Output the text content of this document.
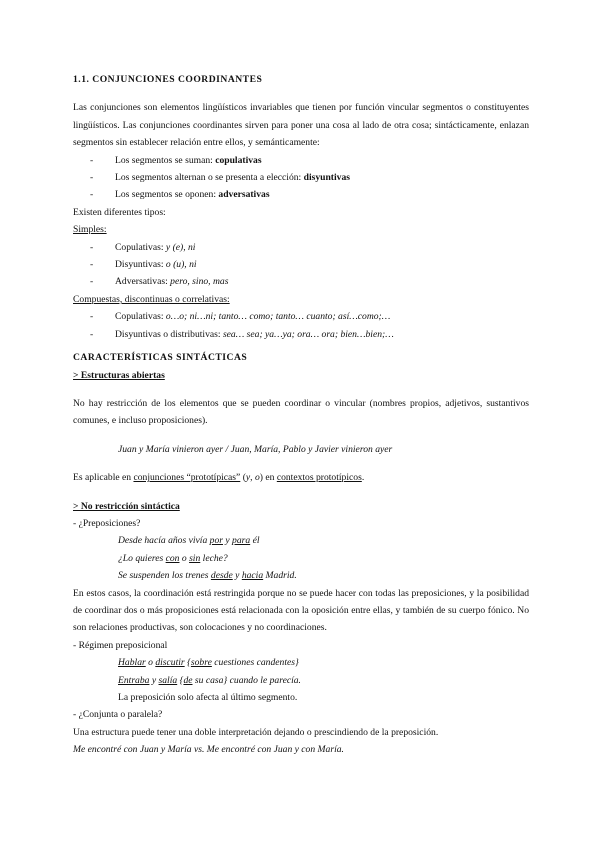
1.1. CONJUNCIONES COORDINANTES
Las conjunciones son elementos lingüísticos invariables que tienen por función vincular segmentos o constituyentes lingüísticos. Las conjunciones coordinantes sirven para poner una cosa al lado de otra cosa; sintácticamente, enlazan segmentos sin establecer relación entre ellos, y semánticamente:
- Los segmentos se suman: copulativas
- Los segmentos alternan o se presenta a elección: disyuntivas
- Los segmentos se oponen: adversativas
Existen diferentes tipos:
Simples:
- Copulativas: y (e), ni
- Disyuntivas: o (u), ni
- Adversativas: pero, sino, mas
Compuestas, discontinuas o correlativas:
- Copulativas: o…o; ni…ni; tanto… como; tanto… cuanto; así…como;…
- Disyuntivas o distributivas: sea… sea; ya…ya; ora… ora; bien…bien;…
CARACTERÍSTICAS SINTÁCTICAS
> Estructuras abiertas
No hay restricción de los elementos que se pueden coordinar o vincular (nombres propios, adjetivos, sustantivos comunes, e incluso proposiciones).
Juan y María vinieron ayer / Juan, María, Pablo y Javier vinieron ayer
Es aplicable en conjunciones “prototípicas” (y, o) en contextos prototípicos.
> No restricción sintáctica
- ¿Preposiciones?
Desde hacía años vivía por y para él
¿Lo quieres con o sin leche?
Se suspenden los trenes desde y hacia Madrid.
En estos casos, la coordinación está restringida porque no se puede hacer con todas las preposiciones, y la posibilidad de coordinar dos o más proposiciones está relacionada con la oposición entre ellas, y también de su cuerpo fónico. No son relaciones productivas, son colocaciones y no coordinaciones.
- Régimen preposicional
Hablar o discutir {sobre cuestiones candentes}
Entraba y salía {de su casa} cuando le parecía.
La preposición solo afecta al último segmento.
- ¿Conjunta o paralela?
Una estructura puede tener una doble interpretación dejando o prescindiendo de la preposición.
Me encontré con Juan y María vs. Me encontré con Juan y con María.
